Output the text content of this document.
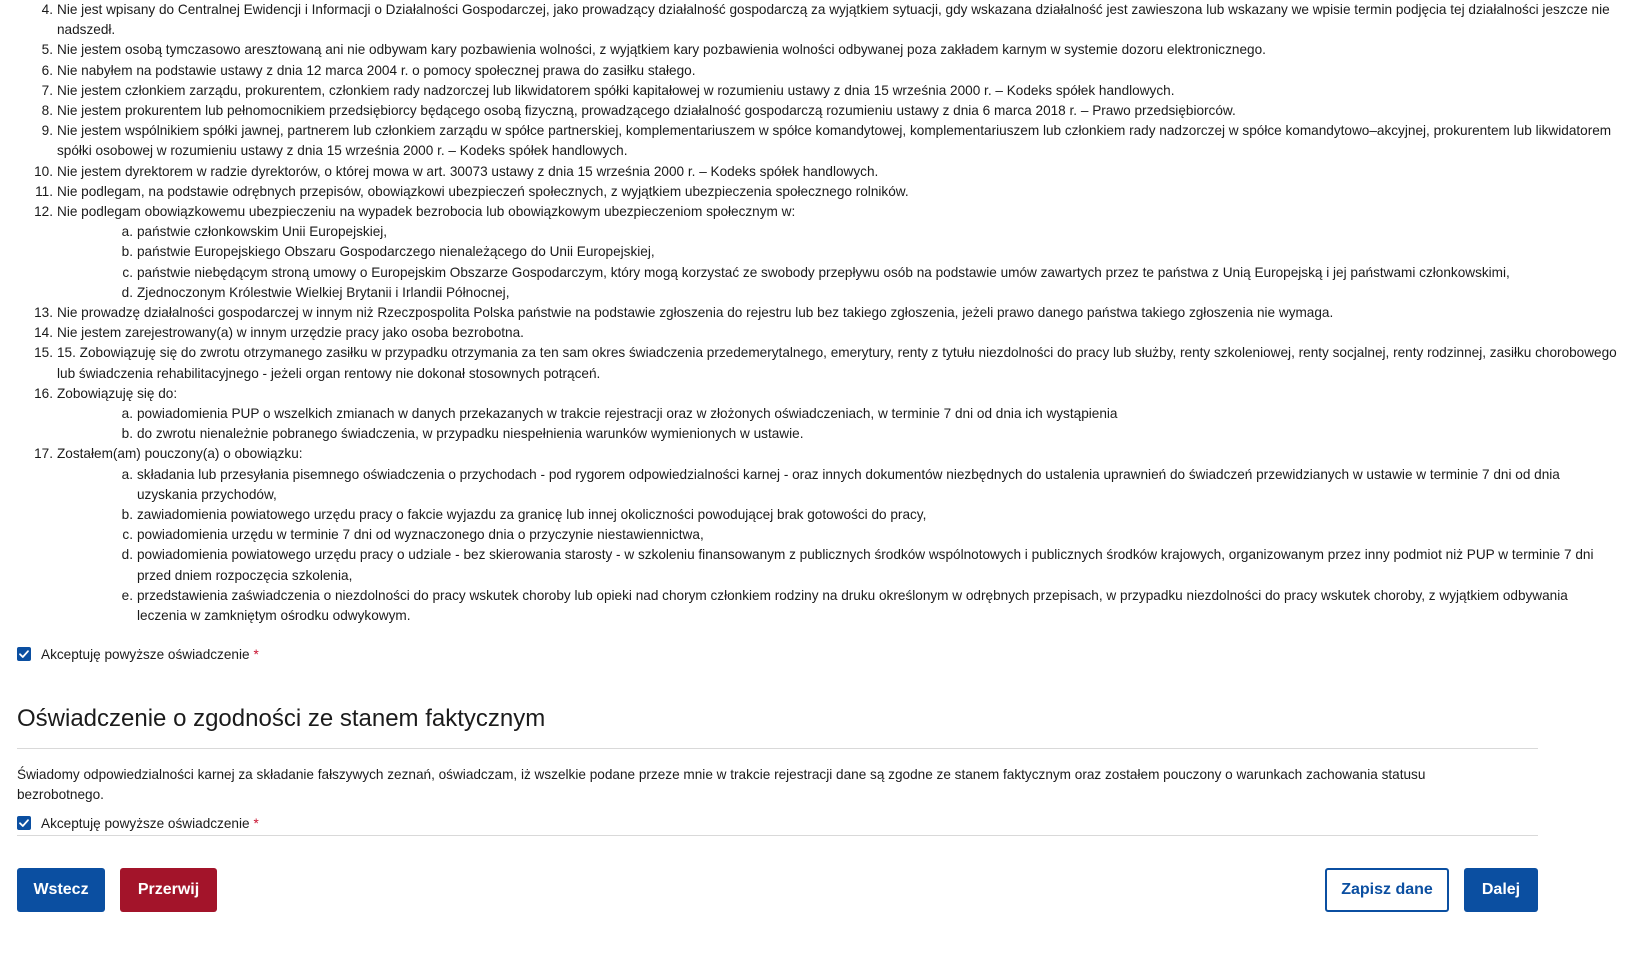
4. Nie jest wpisany do Centralnej Ewidencji i Informacji o Działalności Gospodarczej, jako prowadzący działalność gospodarczą za wyjątkiem sytuacji, gdy wskazana działalność jest zawieszona lub wskazany we wpisie termin podjęcia tej działalności jeszcze nie nadszedł.
5. Nie jestem osobą tymczasowo aresztowaną ani nie odbywam kary pozbawienia wolności, z wyjątkiem kary pozbawienia wolności odbywanej poza zakładem karnym w systemie dozoru elektronicznego.
6. Nie nabyłem na podstawie ustawy z dnia 12 marca 2004 r. o pomocy społecznej prawa do zasiłku stałego.
7. Nie jestem członkiem zarządu, prokurentem, członkiem rady nadzorczej lub likwidatorem spółki kapitałowej w rozumieniu ustawy z dnia 15 września 2000 r. – Kodeks spółek handlowych.
8. Nie jestem prokurentem lub pełnomocnikiem przedsiębiorcy będącego osobą fizyczną, prowadzącego działalność gospodarczą rozumieniu ustawy z dnia 6 marca 2018 r. – Prawo przedsiębiorców.
9. Nie jestem wspólnikiem spółki jawnej, partnerem lub członkiem zarządu w spółce partnerskiej, komplementariuszem w spółce komandytowej, komplementariuszem lub członkiem rady nadzorczej w spółce komandytowo–akcyjnej, prokurentem lub likwidatorem spółki osobowej w rozumieniu ustawy z dnia 15 września 2000 r. – Kodeks spółek handlowych.
10. Nie jestem dyrektorem w radzie dyrektorów, o której mowa w art. 30073 ustawy z dnia 15 września 2000 r. – Kodeks spółek handlowych.
11. Nie podlegam, na podstawie odrębnych przepisów, obowiązkowi ubezpieczeń społecznych, z wyjątkiem ubezpieczenia społecznego rolników.
12. Nie podlegam obowiązkowemu ubezpieczeniu na wypadek bezrobocia lub obowiązkowym ubezpieczeniom społecznym w:
a. państwie członkowskim Unii Europejskiej,
b. państwie Europejskiego Obszaru Gospodarczego nienależącego do Unii Europejskiej,
c. państwie niebędącym stroną umowy o Europejskim Obszarze Gospodarczym, który mogą korzystać ze swobody przepływu osób na podstawie umów zawartych przez te państwa z Unią Europejską i jej państwami członkowskimi,
d. Zjednoczonym Królestwie Wielkiej Brytanii i Irlandii Północnej,
13. Nie prowadzę działalności gospodarczej w innym niż Rzeczpospolita Polska państwie na podstawie zgłoszenia do rejestru lub bez takiego zgłoszenia, jeżeli prawo danego państwa takiego zgłoszenia nie wymaga.
14. Nie jestem zarejestrowany(a) w innym urzędzie pracy jako osoba bezrobotna.
15. 15. Zobowiązuję się do zwrotu otrzymanego zasiłku w przypadku otrzymania za ten sam okres świadczenia przedemerytalnego, emerytury, renty z tytułu niezdolności do pracy lub służby, renty szkoleniowej, renty socjalnej, renty rodzinnej, zasiłku chorobowego lub świadczenia rehabilitacyjnego - jeżeli organ rentowy nie dokonał stosownych potrąceń.
16. Zobowiązuję się do:
a. powiadomienia PUP o wszelkich zmianach w danych przekazanych w trakcie rejestracji oraz w złożonych oświadczeniach, w terminie 7 dni od dnia ich wystąpienia
b. do zwrotu nienależnie pobranego świadczenia, w przypadku niespełnienia warunków wymienionych w ustawie.
17. Zostałem(am) pouczony(a) o obowiązku:
a. składania lub przesyłania pisemnego oświadczenia o przychodach - pod rygorem odpowiedzialności karnej - oraz innych dokumentów niezbędnych do ustalenia uprawnień do świadczeń przewidzianych w ustawie w terminie 7 dni od dnia uzyskania przychodów,
b. zawiadomienia powiatowego urzędu pracy o fakcie wyjazdu za granicę lub innej okoliczności powodującej brak gotowości do pracy,
c. powiadomienia urzędu w terminie 7 dni od wyznaczonego dnia o przyczynie niestawiennictwa,
d. powiadomienia powiatowego urzędu pracy o udziale - bez skierowania starosty - w szkoleniu finansowanym z publicznych środków wspólnotowych i publicznych środków krajowych, organizowanym przez inny podmiot niż PUP w terminie 7 dni przed dniem rozpoczęcia szkolenia,
e. przedstawienia zaświadczenia o niezdolności do pracy wskutek choroby lub opieki nad chorym członkiem rodziny na druku określonym w odrębnych przepisach, w przypadku niezdolności do pracy wskutek choroby, z wyjątkiem odbywania leczenia w zamkniętym ośrodku odwykowym.
Akceptuję powyższe oświadczenie *
Oświadczenie o zgodności ze stanem faktycznym

Świadomy odpowiedzialności karnej za składanie fałszywych zeznań, oświadczam, iż wszelkie podane przeze mnie w trakcie rejestracji dane są zgodne ze stanem faktycznym oraz zostałem pouczony o warunkach zachowania statusu bezrobotnego.

Akceptuję powyższe oświadczenie *
Wstecz	Przerwij	Zapisz dane	Dalej
